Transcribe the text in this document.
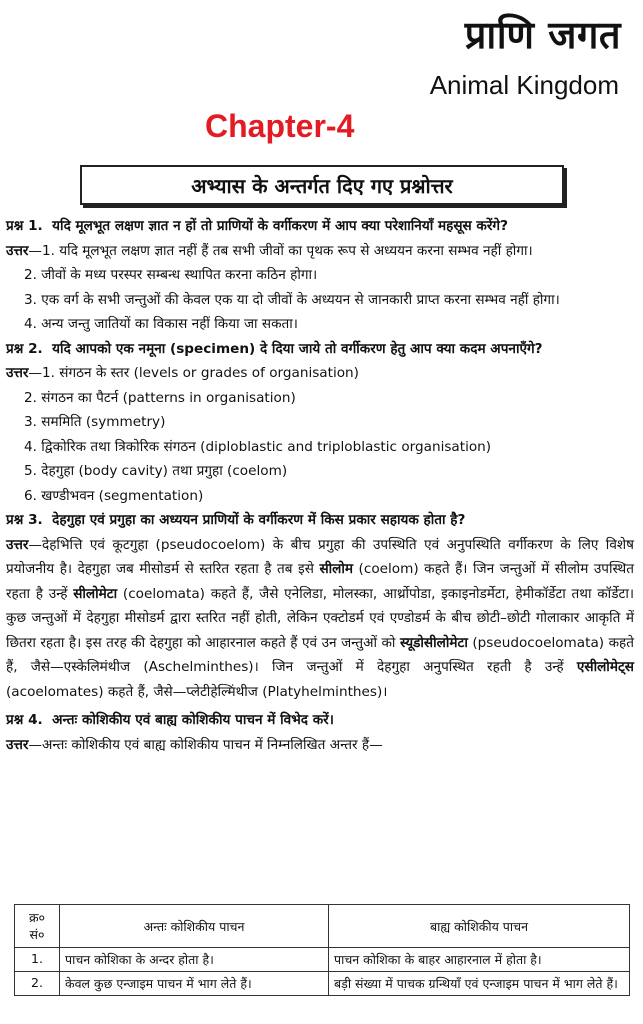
प्राणि जगत
Animal Kingdom
Chapter-4
अभ्यास के अन्तर्गत दिए गए प्रश्नोत्तर
प्रश्न 1. यदि मूलभूत लक्षण ज्ञात न हों तो प्राणियों के वर्गीकरण में आप क्या परेशानियाँ महसूस करेंगे?
उत्तर—1. यदि मूलभूत लक्षण ज्ञात नहीं हैं तब सभी जीवों का पृथक रूप से अध्ययन करना सम्भव नहीं होगा।
2. जीवों के मध्य परस्पर सम्बन्ध स्थापित करना कठिन होगा।
3. एक वर्ग के सभी जन्तुओं की केवल एक या दो जीवों के अध्ययन से जानकारी प्राप्त करना सम्भव नहीं होगा।
4. अन्य जन्तु जातियों का विकास नहीं किया जा सकता।
प्रश्न 2. यदि आपको एक नमूना (specimen) दे दिया जाये तो वर्गीकरण हेतु आप क्या कदम अपनाएँगे?
उत्तर—1. संगठन के स्तर (levels or grades of organisation)
2. संगठन का पैटर्न (patterns in organisation)
3. सममिति (symmetry)
4. द्विकोरिक तथा त्रिकोरिक संगठन (diploblastic and triploblastic organisation)
5. देहगुहा (body cavity) तथा प्रगुहा (coelom)
6. खण्डीभवन (segmentation)
प्रश्न 3. देहगुहा एवं प्रगुहा का अध्ययन प्राणियों के वर्गीकरण में किस प्रकार सहायक होता है?
उत्तर—देहभित्ति एवं कूटगुहा (pseudocoelom) के बीच प्रगुहा की उपस्थिति एवं अनुपस्थिति वर्गीकरण के लिए विशेष प्रयोजनीय है। देहगुहा जब मीसोडर्म से स्तरित रहता है तब इसे सीलोम (coelom) कहते हैं। जिन जन्तुओं में सीलोम उपस्थित रहता है उन्हें सीलोमेटा (coelomata) कहते हैं, जैसे एनेलिडा, मोलस्का, आर्थ्रोपोडा, इकाइनोडर्मेटा, हेमीकॉर्डेटा तथा कॉर्डेटा। कुछ जन्तुओं में देहगुहा मीसोडर्म द्वारा स्तरित नहीं होती, लेकिन एक्टोडर्म एवं एण्डोडर्म के बीच छोटी–छोटी गोलाकार आकृति में छितरा रहता है। इस तरह की देहगुहा को आहारनाल कहते हैं एवं उन जन्तुओं को स्यूडोसीलोमेटा (pseudocoelomata) कहते हैं, जैसे—एस्केलिमंथीज (Aschelminthes)। जिन जन्तुओं में देहगुहा अनुपस्थित रहती है उन्हें एसीलोमेट्स (acoelomates) कहते हैं, जैसे—प्लेटीहेल्मिंथीज (Platyhelminthes)।
प्रश्न 4. अन्तः कोशिकीय एवं बाह्य कोशिकीय पाचन में विभेद करें।
उत्तर—अन्तः कोशिकीय एवं बाह्य कोशिकीय पाचन में निम्नलिखित अन्तर हैं—
क्र० सं०	अन्तः कोशिकीय पाचन	बाह्य कोशिकीय पाचन
1.	पाचन कोशिका के अन्दर होता है।	पाचन कोशिका के बाहर आहारनाल में होता है।
2.	केवल कुछ एन्जाइम पाचन में भाग लेते हैं।	बड़ी संख्या में पाचक ग्रन्थियाँ एवं एन्जाइम पाचन में भाग लेते हैं।
